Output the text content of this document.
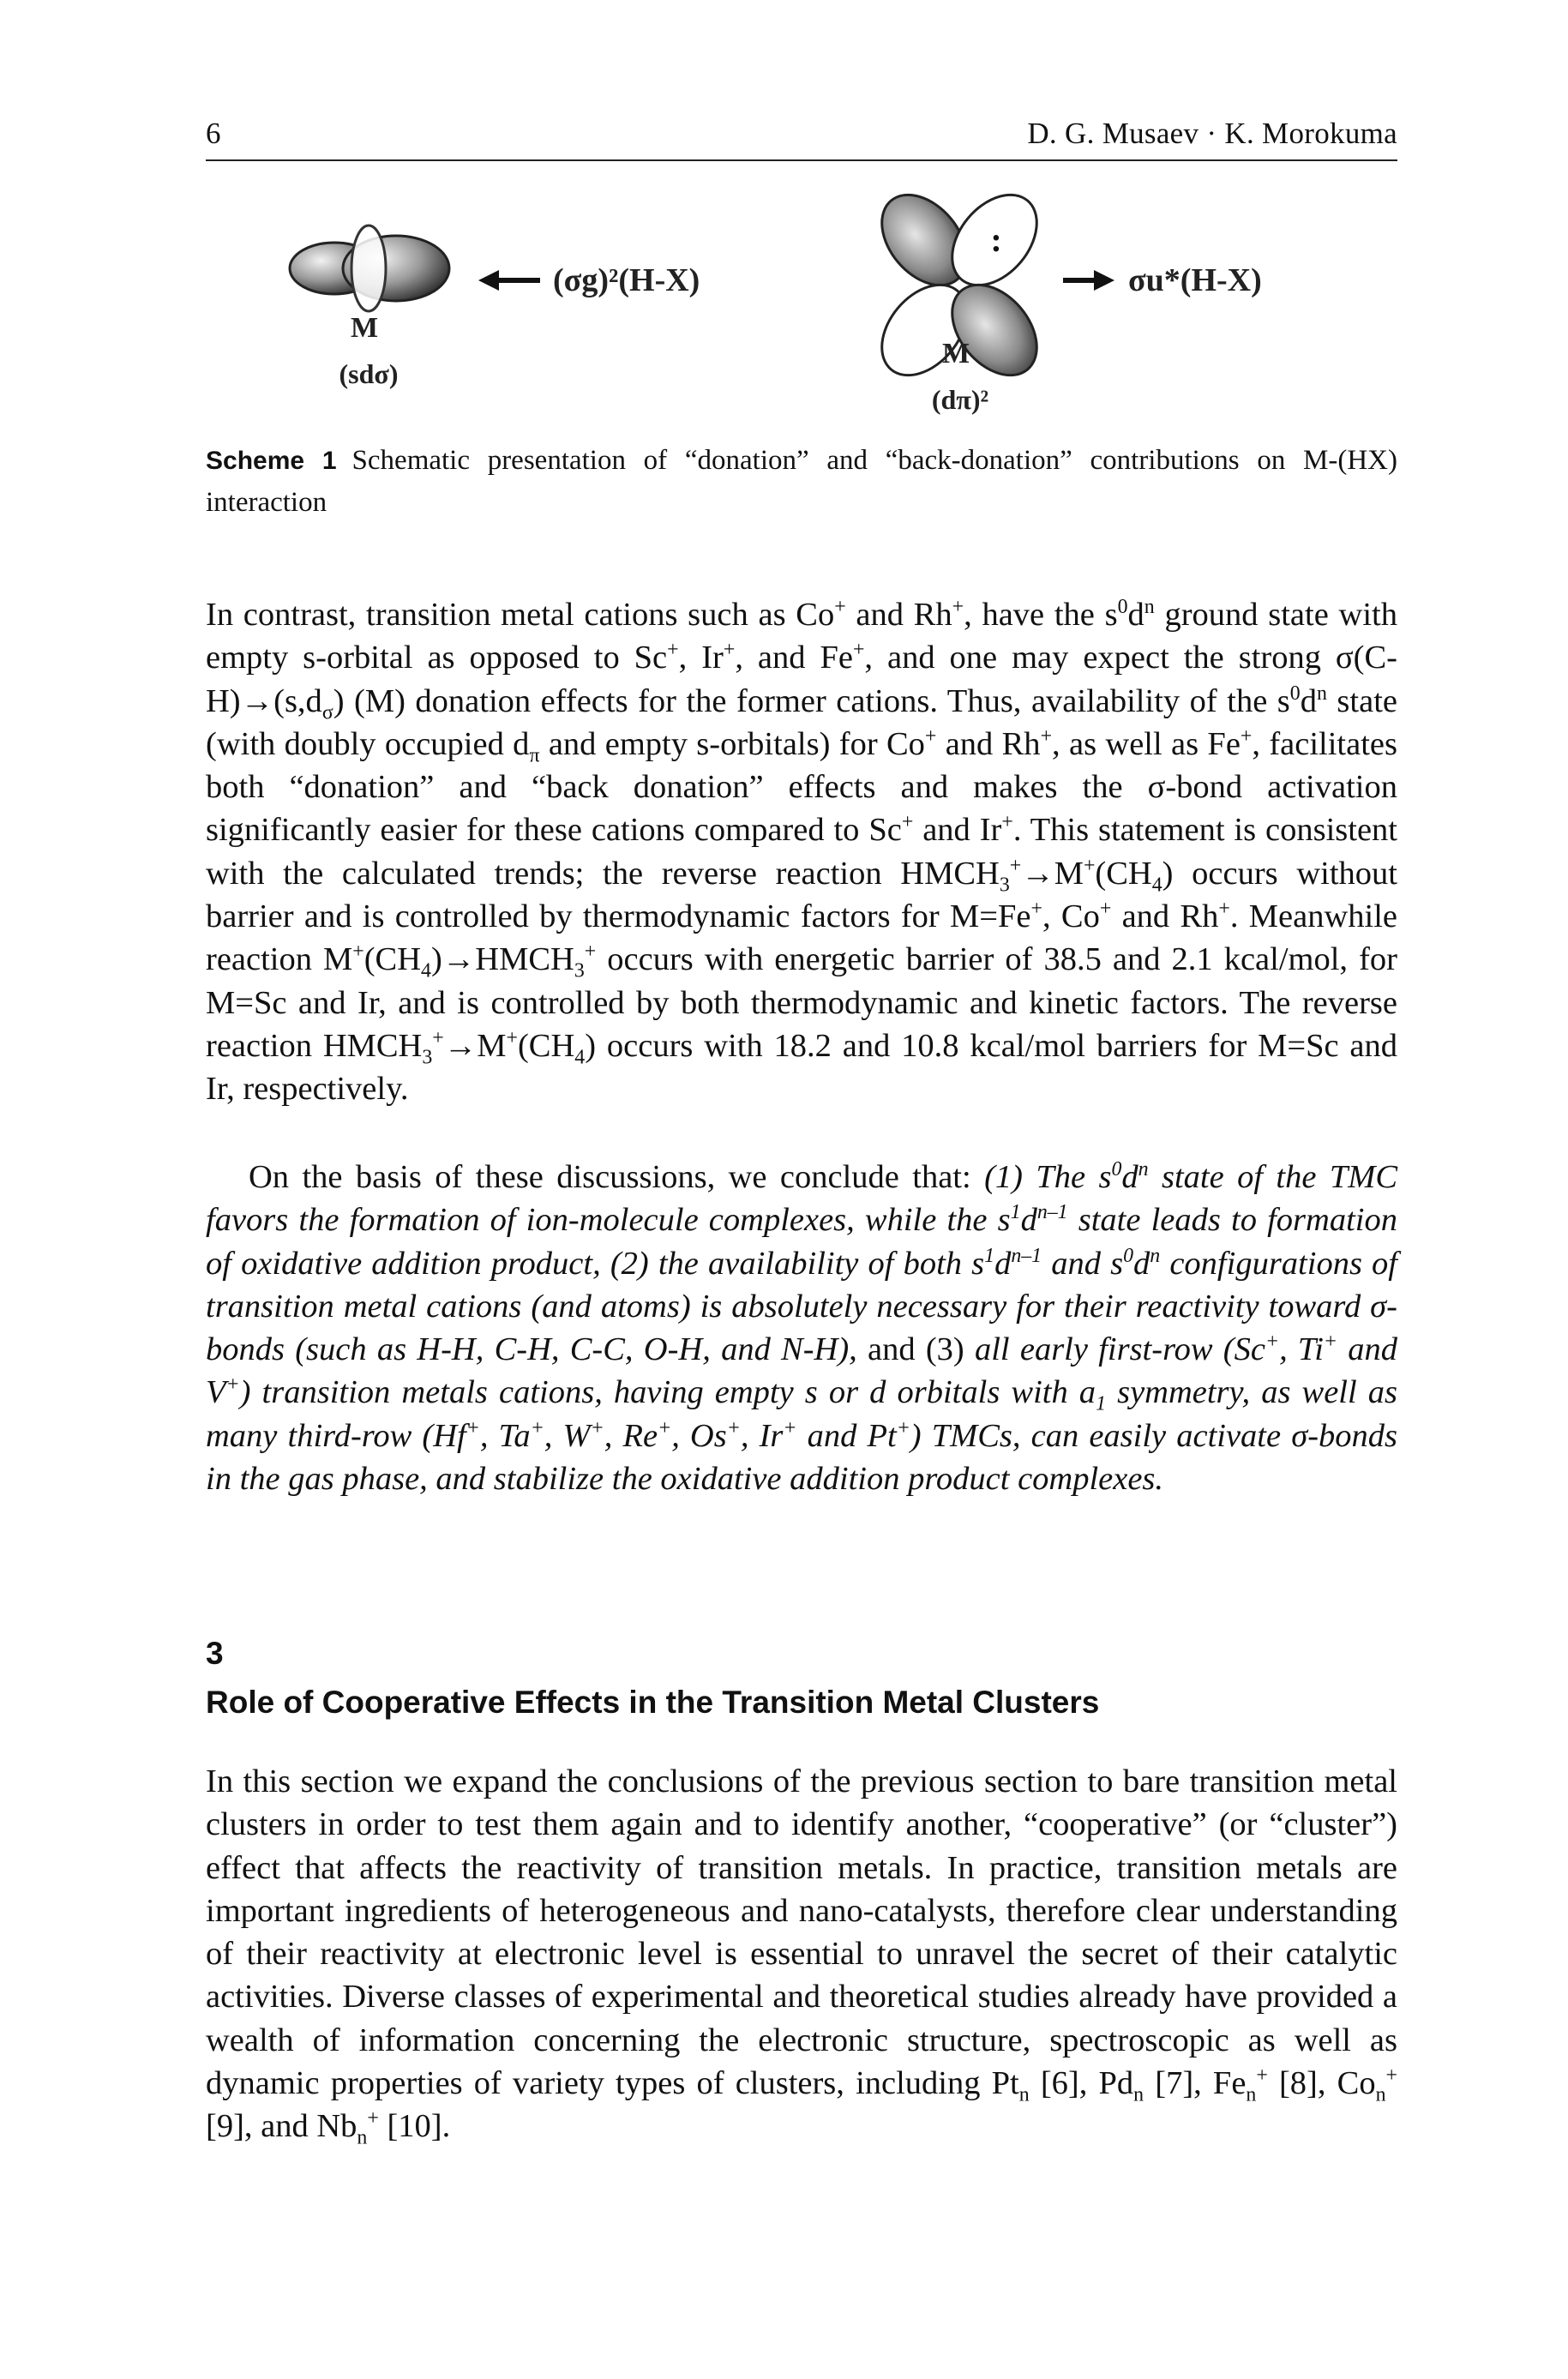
6	D. G. Musaev · K. Morokuma
M
(sdσ)
(σg)²(H-X)
:
M
(dπ)²
σu*(H-X)
Scheme 1 Schematic presentation of “donation” and “back-donation” contributions on M-(HX) interaction

In contrast, transition metal cations such as Co+ and Rh+, have the $s^0d^n$ ground state with empty s-orbital as opposed to Sc+, Ir+, and Fe+, and one may expect the strong $\sigma(C-H)\to(s,d_\sigma)$ (M) donation effects for the former cations. Thus, availability of the $s^0d^n$ state (with doubly occupied $d_\pi$ and empty s-orbitals) for Co+ and Rh+, as well as Fe+, facilitates both “donation” and “back donation” effects and makes the σ-bond activation significantly easier for these cations compared to Sc+ and Ir+. This statement is consistent with the calculated trends; the reverse reaction $HMCH_3^+\to M^+(CH_4)$ occurs without barrier and is controlled by thermodynamic factors for M=Fe+, Co+ and Rh+. Meanwhile reaction $M^+(CH_4)\to HMCH_3^+$ occurs with energetic barrier of 38.5 and 2.1 kcal/mol, for M=Sc and Ir, and is controlled by both thermodynamic and kinetic factors. The reverse reaction $HMCH_3^+\to M^+(CH_4)$ occurs with 18.2 and 10.8 kcal/mol barriers for M=Sc and Ir, respectively.

On the basis of these discussions, we conclude that: (1) The $s^0d^n$ state of the TMC favors the formation of ion-molecule complexes, while the $s^1d^{n-1}$ state leads to formation of oxidative addition product, (2) the availability of both $s^1d^{n-1}$ and $s^0d^n$ configurations of transition metal cations (and atoms) is absolutely necessary for their reactivity toward σ-bonds (such as H-H, C-H, C-C, O-H, and N-H), and (3) all early first-row (Sc+, Ti+ and V+) transition metals cations, having empty s or d orbitals with $a_1$ symmetry, as well as many third-row (Hf+, Ta+, W+, Re+, Os+, Ir+ and Pt+) TMCs, can easily activate σ-bonds in the gas phase, and stabilize the oxidative addition product complexes.

3
Role of Cooperative Effects in the Transition Metal Clusters

In this section we expand the conclusions of the previous section to bare transition metal clusters in order to test them again and to identify another, “cooperative” (or “cluster”) effect that affects the reactivity of transition metals. In practice, transition metals are important ingredients of heterogeneous and nano-catalysts, therefore clear understanding of their reactivity at electronic level is essential to unravel the secret of their catalytic activities. Diverse classes of experimental and theoretical studies already have provided a wealth of information concerning the electronic structure, spectroscopic as well as dynamic properties of variety types of clusters, including $Pt_n$ [6], $Pd_n$ [7], $Fe_n^+$ [8], $Co_n^+$ [9], and $Nb_n^+$ [10].
